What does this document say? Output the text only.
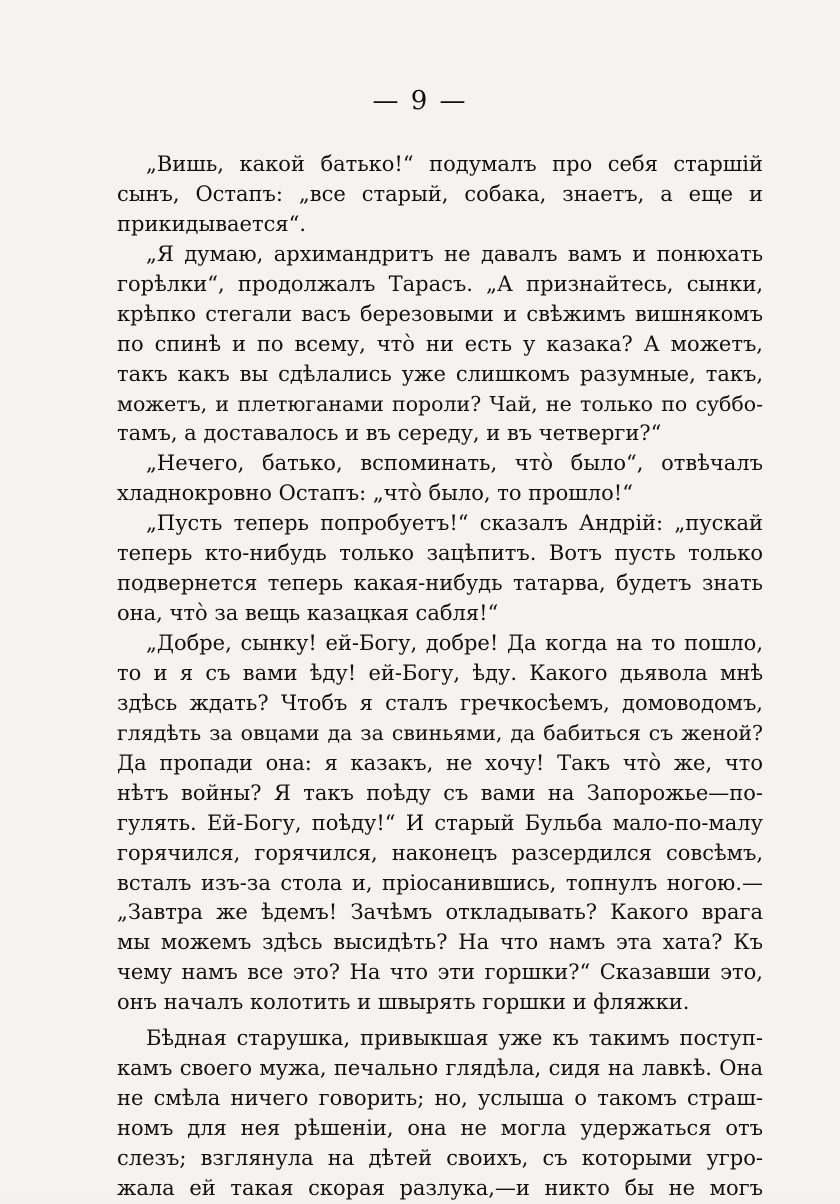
— 9 —
„Вишь, какой батько!“ подумалъ про себя старшій
сынъ, Остапъ: „все старый, собака, знаетъ, а еще и
прикидывается“.
„Я думаю, архимандритъ не давалъ вамъ и понюхать
горѣлки“, продолжалъ Тарасъ. „А признайтесь, сынки,
крѣпко стегали васъ березовыми и свѣжимъ вишнякомъ
по спинѣ и по всему, что̀ ни есть у казака? А можетъ,
такъ какъ вы сдѣлались уже слишкомъ разумные, такъ,
можетъ, и плетюганами пороли? Чай, не только по суббо-
тамъ, а доставалось и въ середу, и въ четверги?“
„Нечего, батько, вспоминать, что̀ было“, отвѣчалъ
хладнокровно Остапъ: „что̀ было, то прошло!“
„Пусть теперь попробуетъ!“ сказалъ Андрій: „пускай
теперь кто-нибудь только зацѣпитъ. Вотъ пусть только
подвернется теперь какая-нибудь татарва, будетъ знать
она, что̀ за вещь казацкая сабля!“
„Добре, сынку! ей-Богу, добре! Да когда на то пошло,
то и я съ вами ѣду! ей-Богу, ѣду. Какого дьявола мнѣ
здѣсь ждать? Чтобъ я сталъ гречкосѣемъ, домоводомъ,
глядѣть за овцами да за свиньями, да бабиться съ женой?
Да пропади она: я казакъ, не хочу! Такъ что̀ же, что
нѣтъ войны? Я такъ поѣду съ вами на Запорожье—по-
гулять. Ей-Богу, поѣду!“ И старый Бульба мало-по-малу
горячился, горячился, наконецъ разсердился совсѣмъ,
всталъ изъ-за стола и, пріосанившись, топнулъ ногою.—
„Завтра же ѣдемъ! Зачѣмъ откладывать? Какого врага
мы можемъ здѣсь высидѣть? На что намъ эта хата? Къ
чему намъ все это? На что эти горшки?“ Сказавши это,
онъ началъ колотить и швырять горшки и фляжки.
Бѣдная старушка, привыкшая уже къ такимъ поступ-
камъ своего мужа, печально глядѣла, сидя на лавкѣ. Она
не смѣла ничего говорить; но, услыша о такомъ страш-
номъ для нея рѣшеніи, она не могла удержаться отъ
слезъ; взглянула на дѣтей своихъ, съ которыми угро-
жала ей такая скорая разлука,—и никто бы не могъ
